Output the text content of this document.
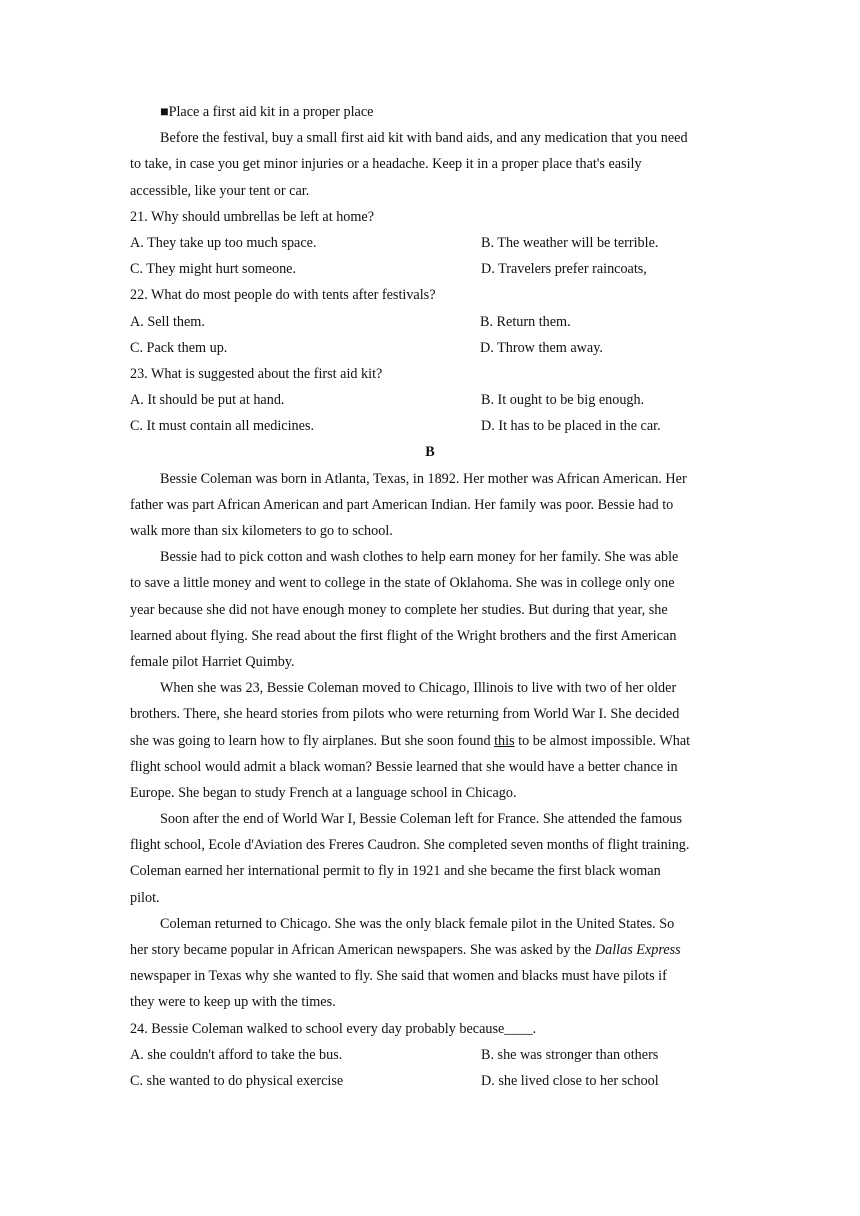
■Place a first aid kit in a proper place
Before the festival, buy a small first aid kit with band aids, and any medication that you need
to take, in case you get minor injuries or a headache. Keep it in a proper place that's easily
accessible, like your tent or car.
21. Why should umbrellas be left at home?
A. They take up too much space.	B. The weather will be terrible.
C. They might hurt someone.	D. Travelers prefer raincoats,
22. What do most people do with tents after festivals?
A. Sell them.	B. Return them.
C. Pack them up.	D. Throw them away.
23. What is suggested about the first aid kit?
A. It should be put at hand.	B. It ought to be big enough.
C. It must contain all medicines.	D. It has to be placed in the car.
B
Bessie Coleman was born in Atlanta, Texas, in 1892. Her mother was African American. Her
father was part African American and part American Indian. Her family was poor. Bessie had to
walk more than six kilometers to go to school.
Bessie had to pick cotton and wash clothes to help earn money for her family. She was able
to save a little money and went to college in the state of Oklahoma. She was in college only one
year because she did not have enough money to complete her studies. But during that year, she
learned about flying. She read about the first flight of the Wright brothers and the first American
female pilot Harriet Quimby.
When she was 23, Bessie Coleman moved to Chicago, Illinois to live with two of her older
brothers. There, she heard stories from pilots who were returning from World War I. She decided
she was going to learn how to fly airplanes. But she soon found this to be almost impossible. What
flight school would admit a black woman? Bessie learned that she would have a better chance in
Europe. She began to study French at a language school in Chicago.
Soon after the end of World War I, Bessie Coleman left for France. She attended the famous
flight school, Ecole d'Aviation des Freres Caudron. She completed seven months of flight training.
Coleman earned her international permit to fly in 1921 and she became the first black woman
pilot.
Coleman returned to Chicago. She was the only black female pilot in the United States. So
her story became popular in African American newspapers. She was asked by the Dallas Express
newspaper in Texas why she wanted to fly. She said that women and blacks must have pilots if
they were to keep up with the times.
24. Bessie Coleman walked to school every day probably because____.
A. she couldn't afford to take the bus.	B. she was stronger than others
C. she wanted to do physical exercise	D. she lived close to her school
